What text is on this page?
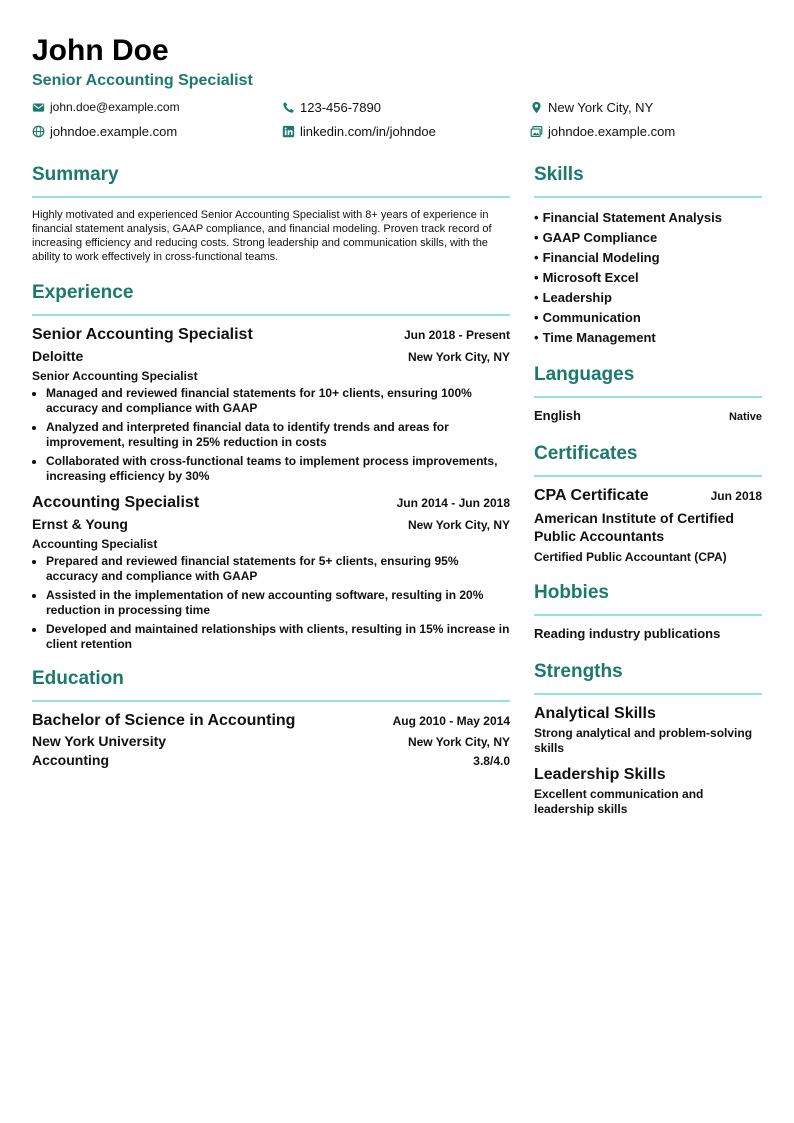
John Doe
Senior Accounting Specialist
john.doe@example.com	123-456-7890	New York City, NY
johndoe.example.com	linkedin.com/in/johndoe	johndoe.example.com
Summary

Highly motivated and experienced Senior Accounting Specialist with 8+ years of experience in financial statement analysis, GAAP compliance, and financial modeling. Proven track record of increasing efficiency and reducing costs. Strong leadership and communication skills, with the ability to work effectively in cross-functional teams.

Experience
Senior Accounting Specialist	Jun 2018 - Present
Deloitte	New York City, NY
Senior Accounting Specialist
• Managed and reviewed financial statements for 10+ clients, ensuring 100% accuracy and compliance with GAAP
• Analyzed and interpreted financial data to identify trends and areas for improvement, resulting in 25% reduction in costs
• Collaborated with cross-functional teams to implement process improvements, increasing efficiency by 30%
Accounting Specialist	Jun 2014 - Jun 2018
Ernst & Young	New York City, NY
Accounting Specialist
• Prepared and reviewed financial statements for 5+ clients, ensuring 95% accuracy and compliance with GAAP
• Assisted in the implementation of new accounting software, resulting in 20% reduction in processing time
• Developed and maintained relationships with clients, resulting in 15% increase in client retention
Education
Bachelor of Science in Accounting	Aug 2010 - May 2014
New York University	New York City, NY
Accounting	3.8/4.0
Skills
• Financial Statement Analysis
• GAAP Compliance
• Financial Modeling
• Microsoft Excel
• Leadership
• Communication
• Time Management
Languages
English	Native
Certificates
CPA Certificate	Jun 2018
American Institute of Certified Public Accountants
Certified Public Accountant (CPA)
Hobbies
Reading industry publications
Strengths
Analytical Skills
Strong analytical and problem-solving skills
Leadership Skills
Excellent communication and leadership skills
